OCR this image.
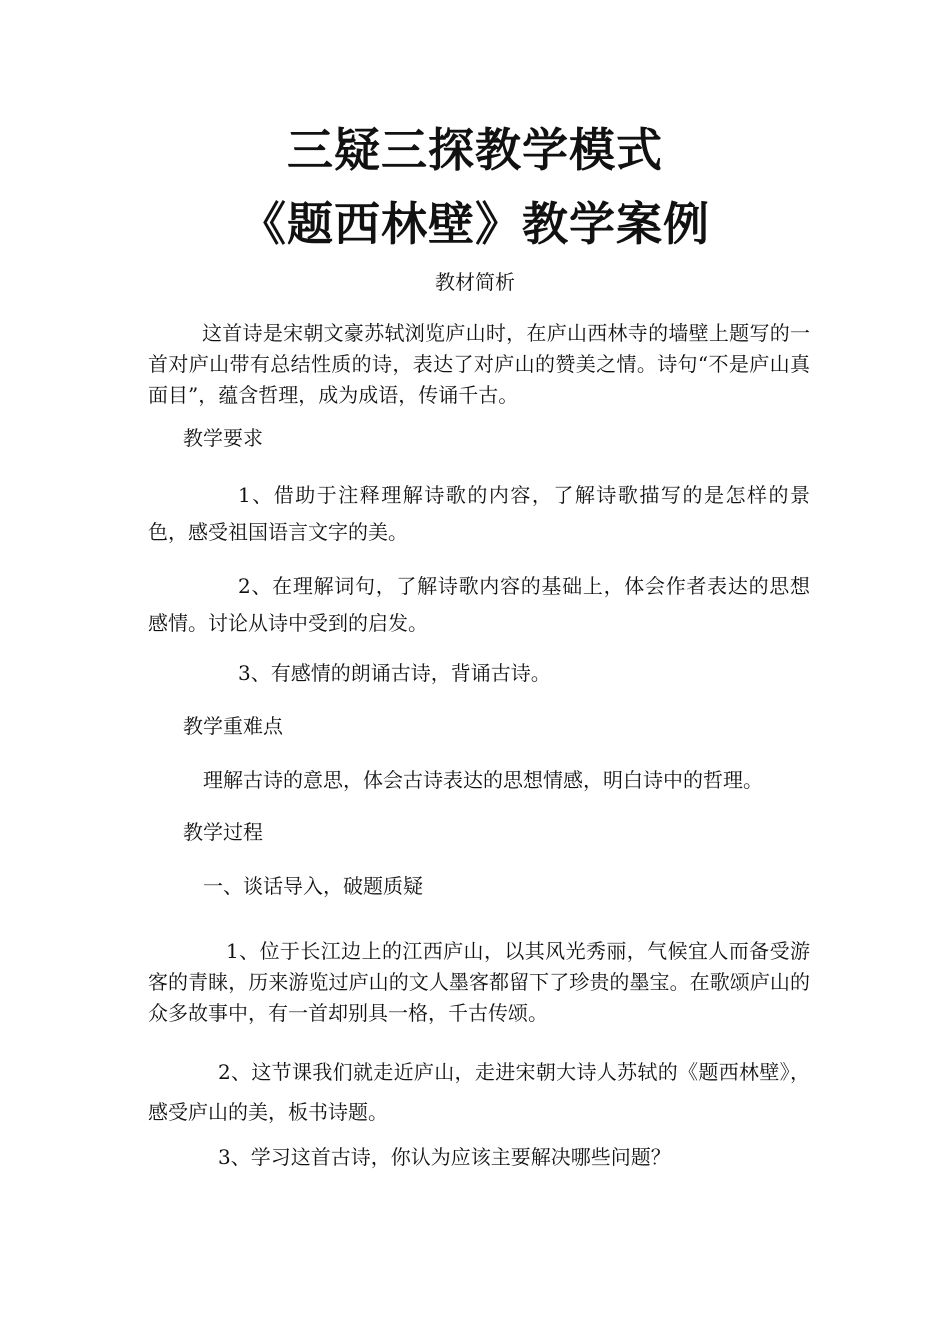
三疑三探教学模式
《题西林壁》教学案例
教材简析
这首诗是宋朝文豪苏轼浏览庐山时，在庐山西林寺的墙壁上题写的一首对庐山带有总结性质的诗，表达了对庐山的赞美之情。诗句“不是庐山真面目”，蕴含哲理，成为成语，传诵千古。
教学要求
1、借助于注释理解诗歌的内容，了解诗歌描写的是怎样的景色，感受祖国语言文字的美。
2、在理解词句，了解诗歌内容的基础上，体会作者表达的思想感情。讨论从诗中受到的启发。
3、有感情的朗诵古诗，背诵古诗。
教学重难点
理解古诗的意思，体会古诗表达的思想情感，明白诗中的哲理。
教学过程
一、谈话导入，破题质疑
1、位于长江边上的江西庐山，以其风光秀丽，气候宜人而备受游客的青睐，历来游览过庐山的文人墨客都留下了珍贵的墨宝。在歌颂庐山的众多故事中，有一首却别具一格，千古传颂。
2、这节课我们就走近庐山，走进宋朝大诗人苏轼的《题西林壁》，感受庐山的美，板书诗题。
3、学习这首古诗，你认为应该主要解决哪些问题？
